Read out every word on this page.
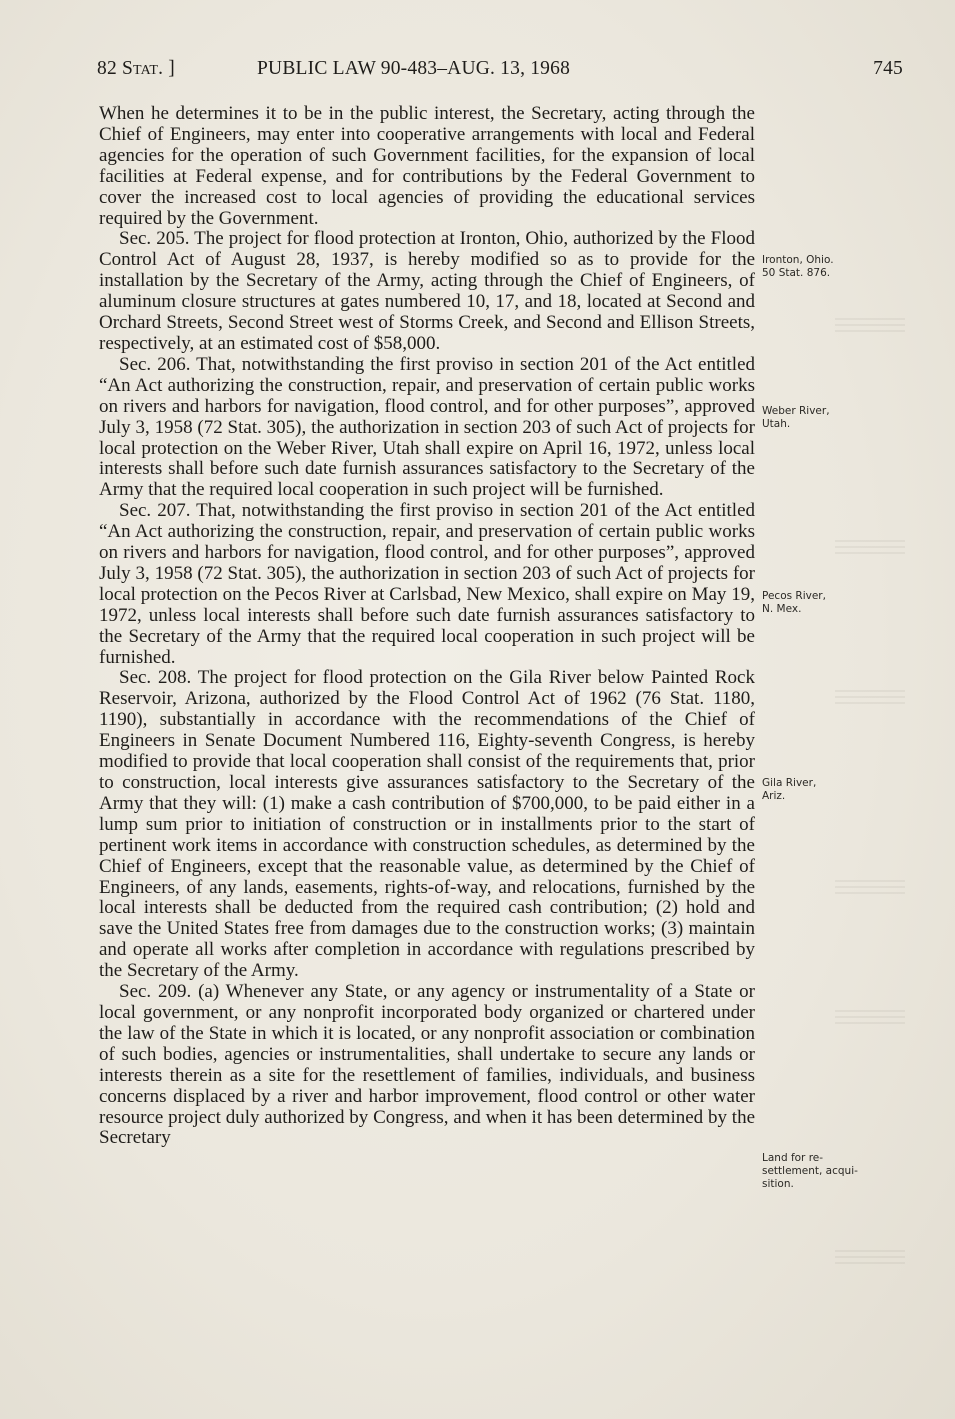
82 Stat. ]	PUBLIC LAW 90-483–AUG. 13, 1968	745

When he determines it to be in the public interest, the Secretary, acting through the Chief of Engineers, may enter into cooperative arrangements with local and Federal agencies for the operation of such Government facilities, for the expansion of local facilities at Federal expense, and for contributions by the Federal Government to cover the increased cost to local agencies of providing the educational services required by the Government.

Sec. 205. The project for flood protection at Ironton, Ohio, authorized by the Flood Control Act of August 28, 1937, is hereby modified so as to provide for the installation by the Secretary of the Army, acting through the Chief of Engineers, of aluminum closure structures at gates numbered 10, 17, and 18, located at Second and Orchard Streets, Second Street west of Storms Creek, and Second and Ellison Streets, respectively, at an estimated cost of $58,000.

Sec. 206. That, notwithstanding the first proviso in section 201 of the Act entitled “An Act authorizing the construction, repair, and preservation of certain public works on rivers and harbors for navigation, flood control, and for other purposes”, approved July 3, 1958 (72 Stat. 305), the authorization in section 203 of such Act of projects for local protection on the Weber River, Utah shall expire on April 16, 1972, unless local interests shall before such date furnish assurances satisfactory to the Secretary of the Army that the required local cooperation in such project will be furnished.

Sec. 207. That, notwithstanding the first proviso in section 201 of the Act entitled “An Act authorizing the construction, repair, and preservation of certain public works on rivers and harbors for navigation, flood control, and for other purposes”, approved July 3, 1958 (72 Stat. 305), the authorization in section 203 of such Act of projects for local protection on the Pecos River at Carlsbad, New Mexico, shall expire on May 19, 1972, unless local interests shall before such date furnish assurances satisfactory to the Secretary of the Army that the required local cooperation in such project will be furnished.

Sec. 208. The project for flood protection on the Gila River below Painted Rock Reservoir, Arizona, authorized by the Flood Control Act of 1962 (76 Stat. 1180, 1190), substantially in accordance with the recommendations of the Chief of Engineers in Senate Document Numbered 116, Eighty-seventh Congress, is hereby modified to provide that local cooperation shall consist of the requirements that, prior to construction, local interests give assurances satisfactory to the Secretary of the Army that they will: (1) make a cash contribution of $700,000, to be paid either in a lump sum prior to initiation of construction or in installments prior to the start of pertinent work items in accordance with construction schedules, as determined by the Chief of Engineers, except that the reasonable value, as determined by the Chief of Engineers, of any lands, easements, rights-of-way, and relocations, furnished by the local interests shall be deducted from the required cash contribution; (2) hold and save the United States free from damages due to the construction works; (3) maintain and operate all works after completion in accordance with regulations prescribed by the Secretary of the Army.

Sec. 209. (a) Whenever any State, or any agency or instrumentality of a State or local government, or any nonprofit incorporated body organized or chartered under the law of the State in which it is located, or any nonprofit association or combination of such bodies, agencies or instrumentalities, shall undertake to secure any lands or interests therein as a site for the resettlement of families, individuals, and business concerns displaced by a river and harbor improvement, flood control or other water resource project duly authorized by Congress, and when it has been determined by the Secretary

Ironton, Ohio.
50 Stat. 876.
Weber River,
Utah.
Pecos River,
N. Mex.
Gila River,
Ariz.
Land for re-
settlement, acqui-
sition.
